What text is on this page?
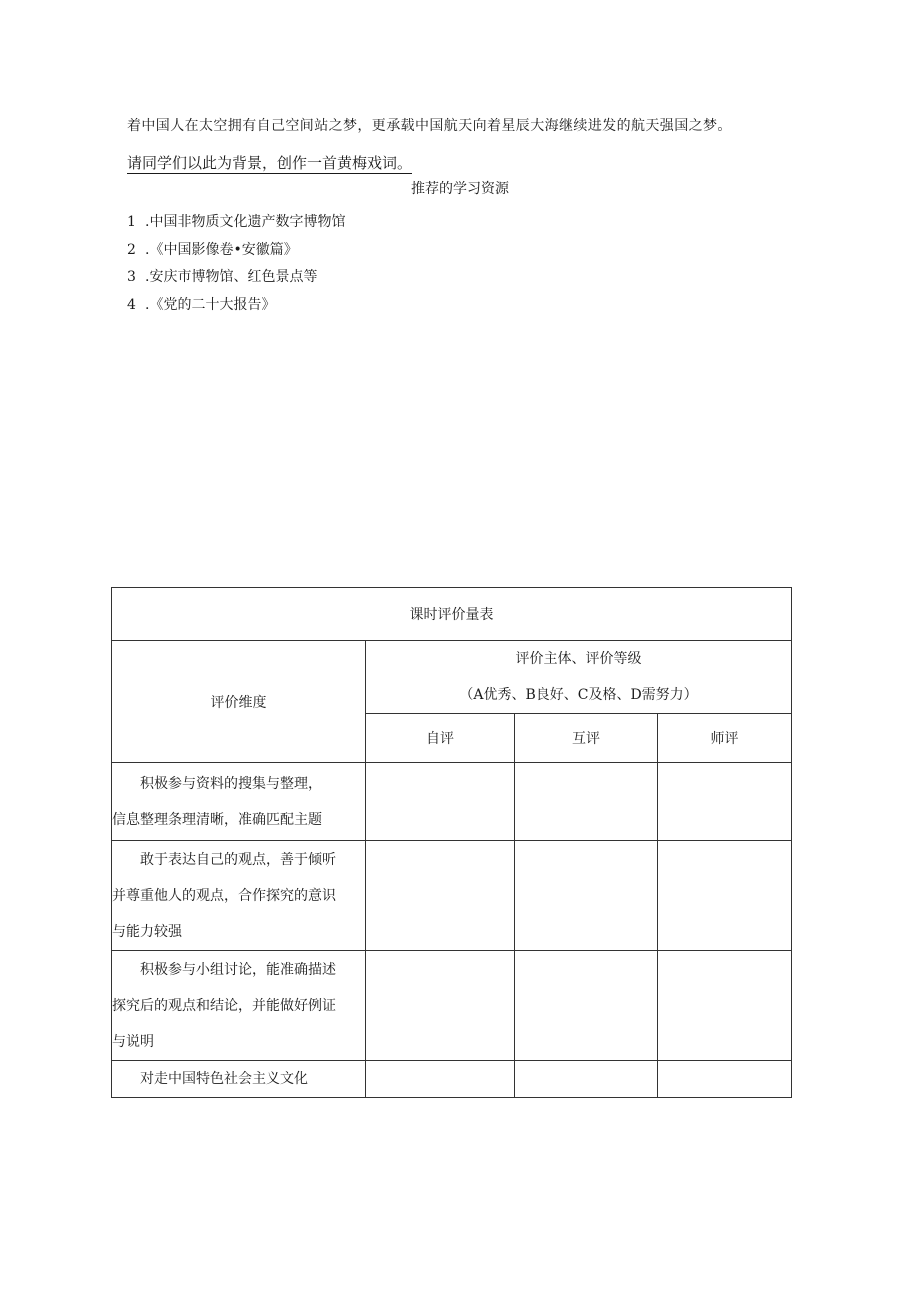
着中国人在太空拥有自己空间站之梦，更承载中国航天向着星辰大海继续进发的航天强国之梦。
请同学们以此为背景，创作一首黄梅戏词。
推荐的学习资源
1 .中国非物质文化遗产数字博物馆
2 .《中国影像卷•安徽篇》
3 .安庆市博物馆、红色景点等
4 .《党的二十大报告》
课时评价量表			
评价维度	评价主体、评价等级
（A优秀、B良好、C及格、D需努力）		

	自评	互评	师评

积极参与资料的搜集与整理，
信息整理条理清晰，准确匹配主题			

敢于表达自己的观点，善于倾听
并尊重他人的观点，合作探究的意识
与能力较强			

积极参与小组讨论，能准确描述
探究后的观点和结论，并能做好例证
与说明			

对走中国特色社会主义文化			
